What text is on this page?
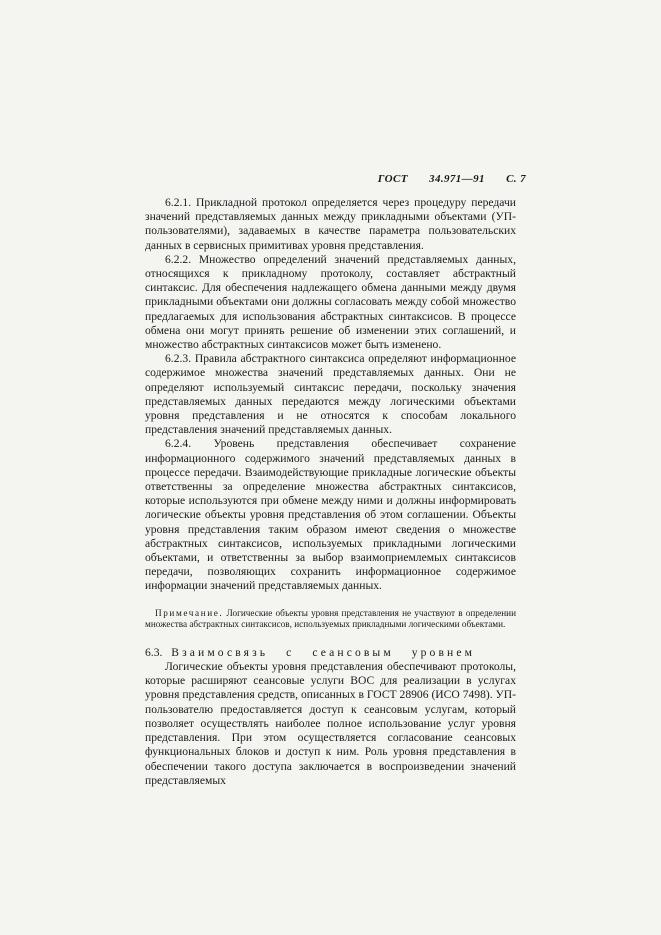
ГОСТ 34.971—91 С. 7

6.2.1. Прикладной протокол определяется через процедуру передачи значений представляемых данных между прикладными объектами (УП-пользователями), задаваемых в качестве параметра пользовательских данных в сервисных примитивах уровня представления.

6.2.2. Множество определений значений представляемых данных, относящихся к прикладному протоколу, составляет абстрактный синтаксис. Для обеспечения надлежащего обмена данными между двумя прикладными объектами они должны согласовать между собой множество предлагаемых для использования абстрактных синтаксисов. В процессе обмена они могут принять решение об изменении этих соглашений, и множество абстрактных синтаксисов может быть изменено.

6.2.3. Правила абстрактного синтаксиса определяют информационное содержимое множества значений представляемых данных. Они не определяют используемый синтаксис передачи, поскольку значения представляемых данных передаются между логическими объектами уровня представления и не относятся к способам локального представления значений представляемых данных.

6.2.4. Уровень представления обеспечивает сохранение информационного содержимого значений представляемых данных в процессе передачи. Взаимодействующие прикладные логические объекты ответственны за определение множества абстрактных синтаксисов, которые используются при обмене между ними и должны информировать логические объекты уровня представления об этом соглашении. Объекты уровня представления таким образом имеют сведения о множестве абстрактных синтаксисов, используемых прикладными логическими объектами, и ответственны за выбор взаимоприемлемых синтаксисов передачи, позволяющих сохранить информационное содержимое информации значений представляемых данных.

Примечание. Логические объекты уровня представления не участвуют в определении множества абстрактных синтаксисов, используемых прикладными логическими объектами.

6.3. Взаимосвязь с сеансовым уровнем

Логические объекты уровня представления обеспечивают протоколы, которые расширяют сеансовые услуги ВОС для реализации в услугах уровня представления средств, описанных в ГОСТ 28906 (ИСО 7498). УП-пользователю предоставляется доступ к сеансовым услугам, который позволяет осуществлять наиболее полное использование услуг уровня представления. При этом осуществляется согласование сеансовых функциональных блоков и доступ к ним. Роль уровня представления в обеспечении такого доступа заключается в воспроизведении значений представляемых
